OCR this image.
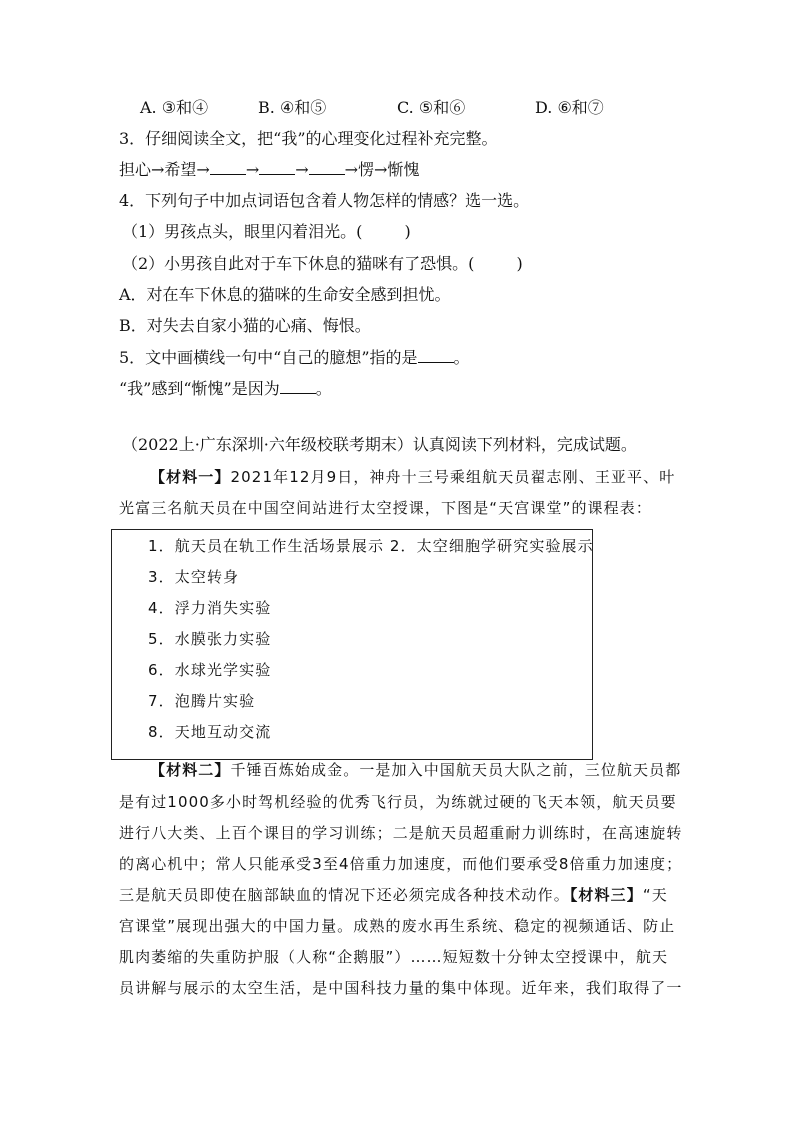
A. ③和④	B. ④和⑤	C. ⑤和⑥	D. ⑥和⑦
3．仔细阅读全文，把“我”的心理变化过程补充完整。
担心→希望→ → → →愣→惭愧
4．下列句子中加点词语包含着人物怎样的情感？选一选。
（1）男孩点头，眼里闪着泪光。(	)
（2）小男孩自此对于车下休息的猫咪有了恐惧。(	)
A．对在车下休息的猫咪的生命安全感到担忧。
B．对失去自家小猫的心痛、悔恨。
5．文中画横线一句中“自己的臆想”指的是 。
“我”感到“惭愧”是因为 。
（2022上·广东深圳·六年级校联考期末）认真阅读下列材料，完成试题。
【材料一】2021年12月9日，神舟十三号乘组航天员翟志刚、王亚平、叶
光富三名航天员在中国空间站进行太空授课，下图是“天宫课堂”的课程表：
1．航天员在轨工作生活场景展示 2．太空细胞学研究实验展示
3．太空转身
4．浮力消失实验
5．水膜张力实验
6．水球光学实验
7．泡腾片实验
8．天地互动交流
【材料二】千锤百炼始成金。一是加入中国航天员大队之前，三位航天员都
是有过1000多小时驾机经验的优秀飞行员，为练就过硬的飞天本领，航天员要
进行八大类、上百个课目的学习训练；二是航天员超重耐力训练时，在高速旋转
的离心机中；常人只能承受3至4倍重力加速度，而他们要承受8倍重力加速度；
三是航天员即使在脑部缺血的情况下还必须完成各种技术动作。【材料三】“天
宫课堂”展现出强大的中国力量。成熟的废水再生系统、稳定的视频通话、防止
肌肉萎缩的失重防护服（人称“企鹅服”）……短短数十分钟太空授课中，航天
员讲解与展示的太空生活，是中国科技力量的集中体现。近年来，我们取得了一
